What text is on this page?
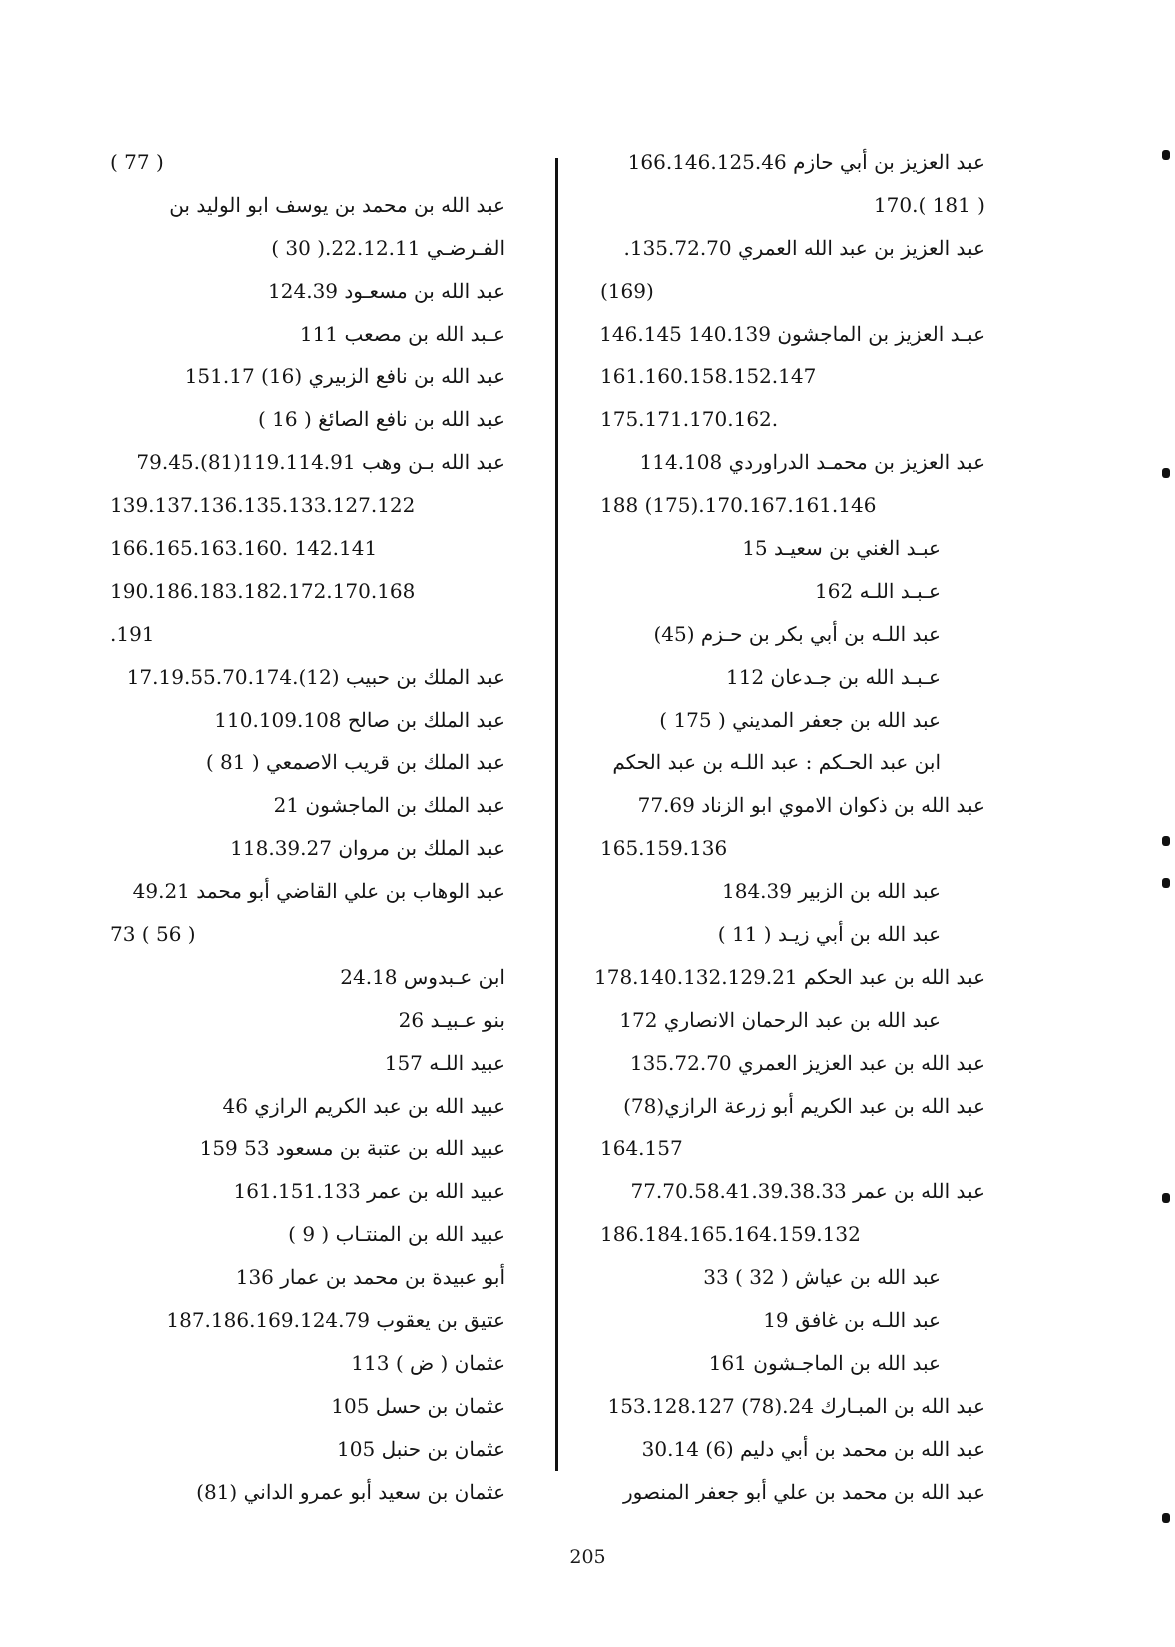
عبد العزيز بن أبي حازم 166.146.125.46
( 181 ).170
عبد العزيز بن عبد الله العمري 135.72.70.
(169)
عبـد العزيز بن الماجشون 140.139 146.145
161.160.158.152.147
175.171.170.162.
عبد العزيز بن محمـد الدراوردي 114.108
188 (175).170.167.161.146
عبـد الغني بن سعيـد 15
عـبـد اللـه 162
عبد اللـه بن أبي بكر بن حـزم (45)
عـبـد الله بن جـدعان 112
عبد الله بن جعفر المديني ( 175 )
ابن عبد الحـكم : عبد اللـه بن عبد الحكم
عبد الله بن ذكوان الاموي ابو الزناد 77.69
165.159.136
عبد الله بن الزبير 184.39
عبد الله بن أبي زيـد ( 11 )
عبد الله بن عبد الحكم 178.140.132.129.21
عبد الله بن عبد الرحمان الانصاري 172
عبد الله بن عبد العزيز العمري 135.72.70
عبد الله بن عبد الكريم أبو زرعة الرازي(78)
164.157
عبد الله بن عمر 77.70.58.41.39.38.33
186.184.165.164.159.132
عبد الله بن عياش ( 32 ) 33
عبد اللـه بن غافق 19
عبد الله بن الماجـشون 161
عبد الله بن المبـارك 24.(78) 153.128.127
عبد الله بن محمد بن أبي دليم (6) 30.14
عبد الله بن محمد بن علي أبو جعفر المنصور
( 77 )
عبد الله بن محمد بن يوسف ابو الوليد بن
الفـرضـي 22.12.11.( 30 )
عبد الله بن مسعـود 124.39
عـبد الله بن مصعب 111
عبد الله بن نافع الزبيري (16) 151.17
عبد الله بن نافع الصائغ ( 16 )
عبد الله بـن وهب 119.114.91(81).79.45
139.137.136.135.133.127.122
166.165.163.160. 142.141
190.186.183.182.172.170.168
.191
عبد الملك بن حبيب (12).17.19.55.70.174
عبد الملك بن صالح 110.109.108
عبد الملك بن قريب الاصمعي ( 81 )
عبد الملك بن الماجشون 21
عبد الملك بن مروان 118.39.27
عبد الوهاب بن علي القاضي أبو محمد 49.21
73 ( 56 )
ابن عـبدوس 24.18
بنو عـبيـد 26
عبيد اللـه 157
عبيد الله بن عبد الكريم الرازي 46
عبيد الله بن عتبة بن مسعود 53 159
عبيد الله بن عمر 161.151.133
عبيد الله بن المنتـاب ( 9 )
أبو عبيدة بن محمد بن عمار 136
عتيق بن يعقوب 187.186.169.124.79
عثمان ( ض ) 113
عثمان بن حسل 105
عثمان بن حنبل 105
عثمان بن سعيد أبو عمرو الداني (81)
205
